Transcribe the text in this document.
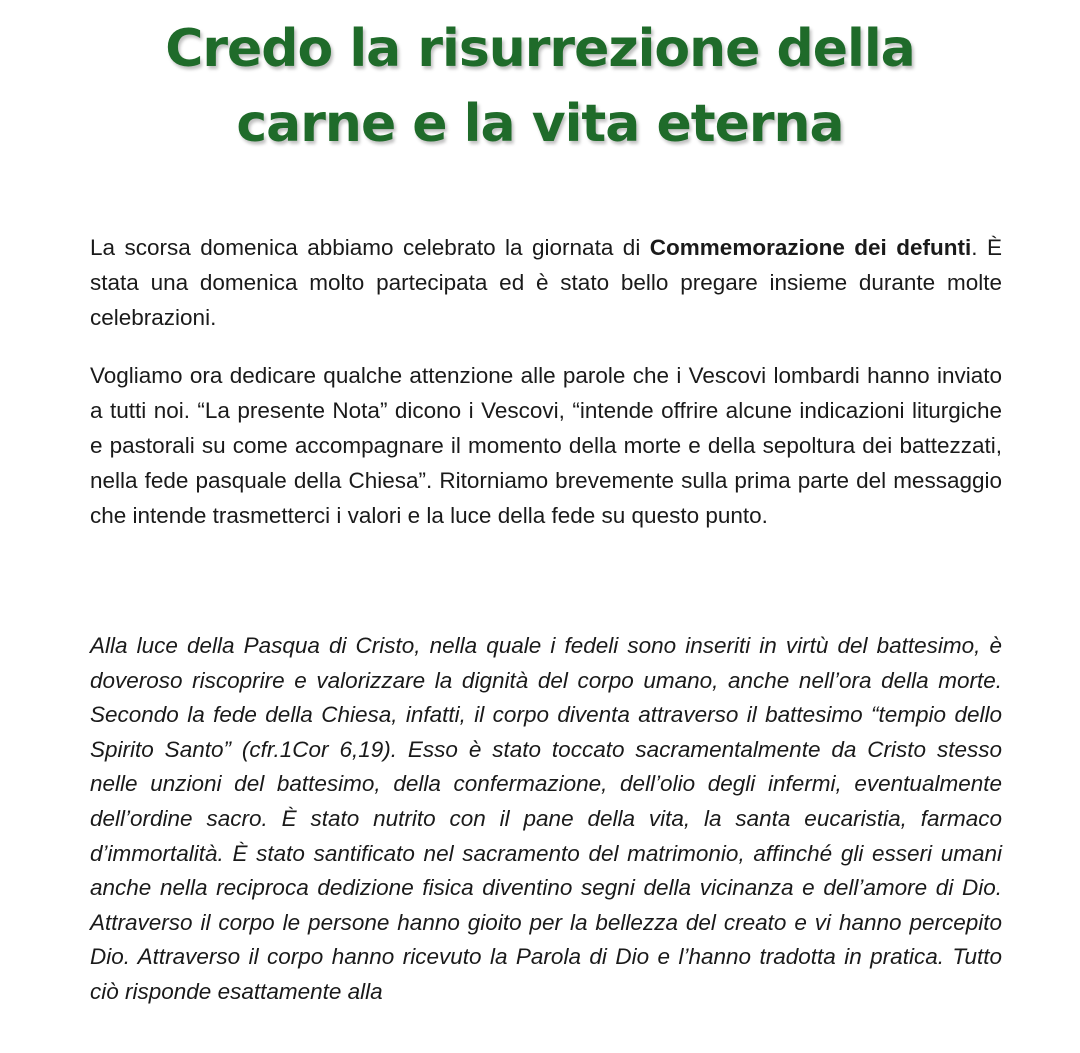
Credo la risurrezione della
carne e la vita eterna

La scorsa domenica abbiamo celebrato la giornata di Commemorazione dei defunti. È stata una domenica molto partecipata ed è stato bello pregare insieme durante molte celebrazioni.

Vogliamo ora dedicare qualche attenzione alle parole che i Vescovi lombardi hanno inviato a tutti noi. “La presente Nota” dicono i Vescovi, “intende offrire alcune indicazioni liturgiche e pastorali su come accompagnare il momento della morte e della sepoltura dei battezzati, nella fede pasquale della Chiesa”. Ritorniamo brevemente sulla prima parte del messaggio che intende trasmetterci i valori e la luce della fede su questo punto.

Alla luce della Pasqua di Cristo, nella quale i fedeli sono inseriti in virtù del battesimo, è doveroso riscoprire e valorizzare la dignità del corpo umano, anche nell’ora della morte. Secondo la fede della Chiesa, infatti, il corpo diventa attraverso il battesimo “tempio dello Spirito Santo” (cfr.1Cor 6,19). Esso è stato toccato sacramentalmente da Cristo stesso nelle unzioni del battesimo, della confermazione, dell’olio degli infermi, eventualmente dell’ordine sacro. È stato nutrito con il pane della vita, la santa eucaristia, farmaco d’immortalità. È stato santificato nel sacramento del matrimonio, affinché gli esseri umani anche nella reciproca dedizione fisica diventino segni della vicinanza e dell’amore di Dio. Attraverso il corpo le persone hanno gioito per la bellezza del creato e vi hanno percepito Dio. Attraverso il corpo hanno ricevuto la Parola di Dio e l’hanno tradotta in pratica. Tutto ciò risponde esattamente alla
